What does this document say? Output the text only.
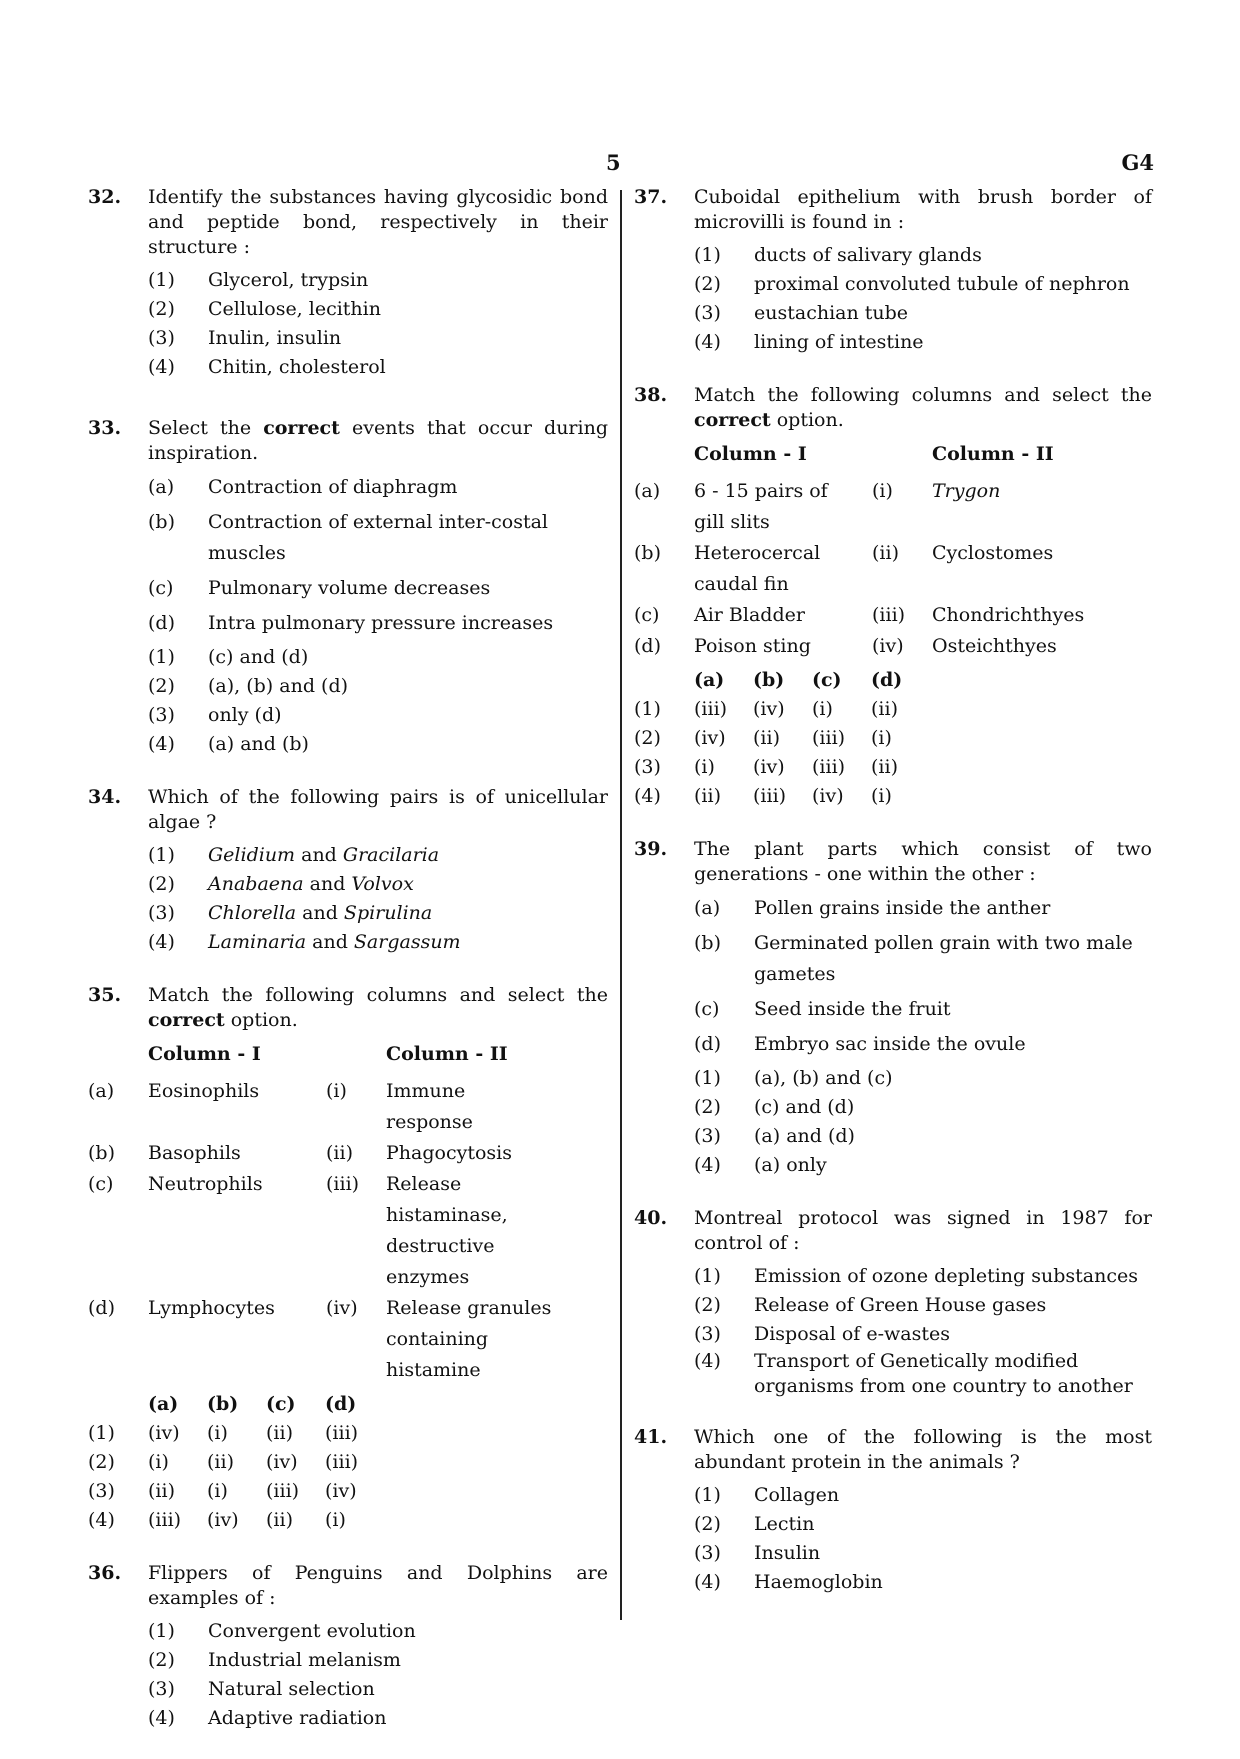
5	G4
32. Identify the substances having glycosidic bond and peptide bond, respectively in their structure :
(1)	Glycerol, trypsin
(2)	Cellulose, lecithin
(3)	Inulin, insulin
(4)	Chitin, cholesterol
33. Select the correct events that occur during inspiration.
(a)	Contraction of diaphragm
(b)	Contraction of external inter-costal muscles
(c)	Pulmonary volume decreases
(d)	Intra pulmonary pressure increases
(1)	(c) and (d)
(2)	(a), (b) and (d)
(3)	only (d)
(4)	(a) and (b)
34. Which of the following pairs is of unicellular algae ?
(1)	Gelidium and Gracilaria
(2)	Anabaena and Volvox
(3)	Chlorella and Spirulina
(4)	Laminaria and Sargassum
35. Match the following columns and select the correct option.
	Column - I		Column - II
(a)	Eosinophils	(i)	Immune response
(b)	Basophils	(ii)	Phagocytosis
(c)	Neutrophils	(iii)	Release histaminase, destructive enzymes
(d)	Lymphocytes	(iv)	Release granules containing histamine
	(a)	(b)	(c)	(d)
(1)	(iv)	(i)	(ii)	(iii)
(2)	(i)	(ii)	(iv)	(iii)
(3)	(ii)	(i)	(iii)	(iv)
(4)	(iii)	(iv)	(ii)	(i)
36. Flippers of Penguins and Dolphins are examples of :
(1)	Convergent evolution
(2)	Industrial melanism
(3)	Natural selection
(4)	Adaptive radiation
37. Cuboidal epithelium with brush border of microvilli is found in :
(1)	ducts of salivary glands
(2)	proximal convoluted tubule of nephron
(3)	eustachian tube
(4)	lining of intestine
38. Match the following columns and select the correct option.
	Column - I		Column - II
(a)	6 - 15 pairs of gill slits	(i)	Trygon
(b)	Heterocercal caudal fin	(ii)	Cyclostomes
(c)	Air Bladder	(iii)	Chondrichthyes
(d)	Poison sting	(iv)	Osteichthyes
	(a)	(b)	(c)	(d)
(1)	(iii)	(iv)	(i)	(ii)
(2)	(iv)	(ii)	(iii)	(i)
(3)	(i)	(iv)	(iii)	(ii)
(4)	(ii)	(iii)	(iv)	(i)
39. The plant parts which consist of two generations - one within the other :
(a)	Pollen grains inside the anther
(b)	Germinated pollen grain with two male gametes
(c)	Seed inside the fruit
(d)	Embryo sac inside the ovule
(1)	(a), (b) and (c)
(2)	(c) and (d)
(3)	(a) and (d)
(4)	(a) only
40. Montreal protocol was signed in 1987 for control of :
(1)	Emission of ozone depleting substances
(2)	Release of Green House gases
(3)	Disposal of e-wastes
(4)	Transport of Genetically modified organisms from one country to another
41. Which one of the following is the most abundant protein in the animals ?
(1)	Collagen
(2)	Lectin
(3)	Insulin
(4)	Haemoglobin
